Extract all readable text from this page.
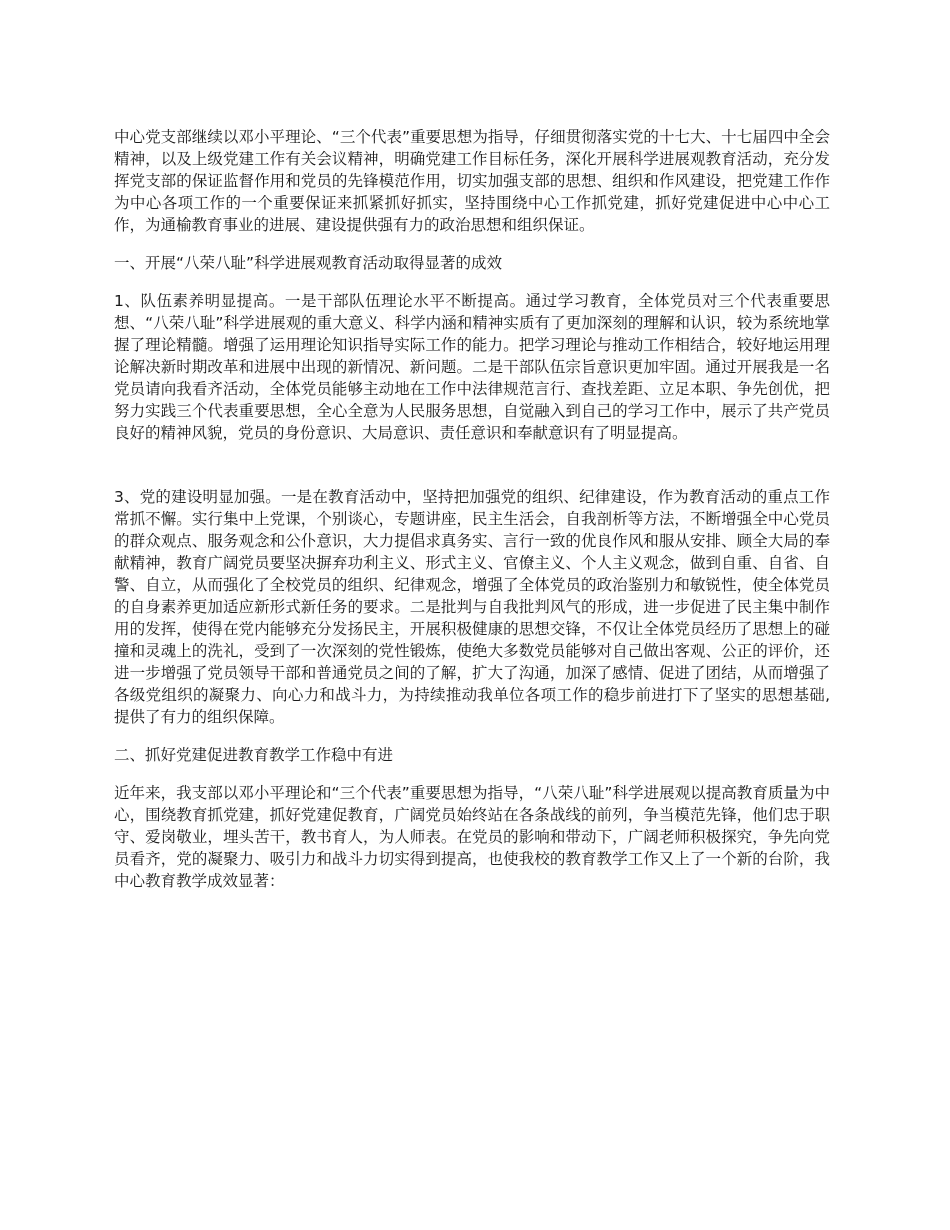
中心党支部继续以邓小平理论、“三个代表”重要思想为指导，仔细贯彻落实党的十七大、十七届四中全会精神，以及上级党建工作有关会议精神，明确党建工作目标任务，深化开展科学进展观教育活动，充分发挥党支部的保证监督作用和党员的先锋模范作用，切实加强支部的思想、组织和作风建设，把党建工作作为中心各项工作的一个重要保证来抓紧抓好抓实，坚持围绕中心工作抓党建，抓好党建促进中心中心工作，为通榆教育事业的进展、建设提供强有力的政治思想和组织保证。

一、开展“八荣八耻”科学进展观教育活动取得显著的成效

1、队伍素养明显提高。一是干部队伍理论水平不断提高。通过学习教育，全体党员对三个代表重要思想、“八荣八耻”科学进展观的重大意义、科学内涵和精神实质有了更加深刻的理解和认识，较为系统地掌握了理论精髓。增强了运用理论知识指导实际工作的能力。把学习理论与推动工作相结合，较好地运用理论解决新时期改革和进展中出现的新情况、新问题。二是干部队伍宗旨意识更加牢固。通过开展我是一名党员请向我看齐活动，全体党员能够主动地在工作中法律规范言行、查找差距、立足本职、争先创优，把努力实践三个代表重要思想，全心全意为人民服务思想，自觉融入到自己的学习工作中，展示了共产党员良好的精神风貌，党员的身份意识、大局意识、责任意识和奉献意识有了明显提高。

3、党的建设明显加强。一是在教育活动中，坚持把加强党的组织、纪律建设，作为教育活动的重点工作常抓不懈。实行集中上党课，个别谈心，专题讲座，民主生活会，自我剖析等方法，不断增强全中心党员的群众观点、服务观念和公仆意识，大力提倡求真务实、言行一致的优良作风和服从安排、顾全大局的奉献精神，教育广阔党员要坚决摒弃功利主义、形式主义、官僚主义、个人主义观念，做到自重、自省、自警、自立，从而强化了全校党员的组织、纪律观念，增强了全体党员的政治鉴别力和敏锐性，使全体党员的自身素养更加适应新形式新任务的要求。二是批判与自我批判风气的形成，进一步促进了民主集中制作用的发挥，使得在党内能够充分发扬民主，开展积极健康的思想交锋，不仅让全体党员经历了思想上的碰撞和灵魂上的洗礼，受到了一次深刻的党性锻炼，使绝大多数党员能够对自己做出客观、公正的评价，还进一步增强了党员领导干部和普通党员之间的了解，扩大了沟通，加深了感情、促进了团结，从而增强了各级党组织的凝聚力、向心力和战斗力，为持续推动我单位各项工作的稳步前进打下了坚实的思想基础,提供了有力的组织保障。

二、抓好党建促进教育教学工作稳中有进

近年来，我支部以邓小平理论和“三个代表”重要思想为指导，“八荣八耻”科学进展观以提高教育质量为中心，围绕教育抓党建，抓好党建促教育，广阔党员始终站在各条战线的前列，争当模范先锋，他们忠于职守、爱岗敬业，埋头苦干，教书育人，为人师表。在党员的影响和带动下，广阔老师积极探究，争先向党员看齐，党的凝聚力、吸引力和战斗力切实得到提高，也使我校的教育教学工作又上了一个新的台阶，我中心教育教学成效显著：
